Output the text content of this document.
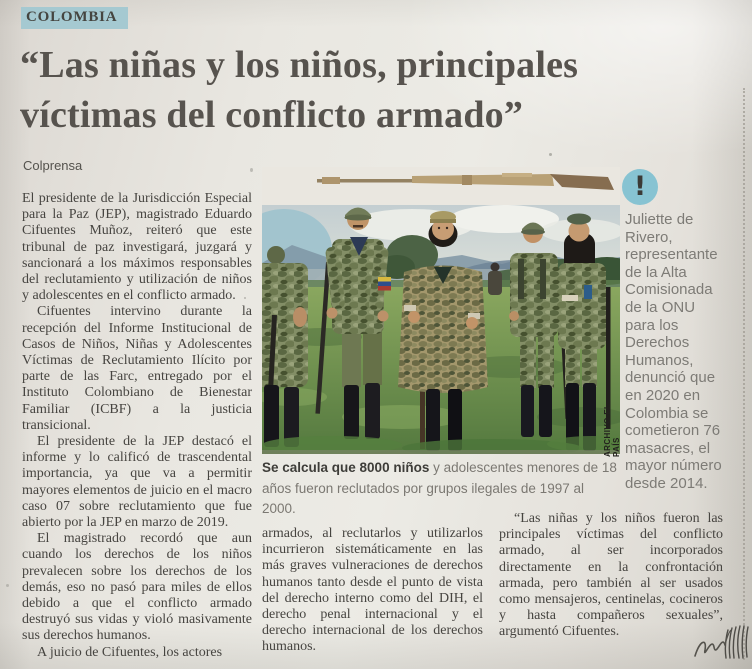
COLOMBIA
“Las niñas y los niños, principales
víctimas del conflicto armado”
Colprensa

El presidente de la Jurisdicción Especial para la Paz (JEP), magistrado Eduardo Cifuentes Muñoz, reiteró que este tribunal de paz investigará, juzgará y sancionará a los máximos responsables del reclutamiento y utilización de niños y adolescentes en el conflicto armado.

Cifuentes intervino durante la recepción del Informe Institucional de Casos de Niños, Niñas y Adolescentes Víctimas de Reclutamiento Ilícito por parte de las Farc, entregado por el Instituto Colombiano de Bienestar Familiar (ICBF) a la justicia transicional.

El presidente de la JEP destacó el informe y lo calificó de trascendental importancia, ya que va a permitir mayores elementos de juicio en el macro caso 07 sobre reclutamiento que fue abierto por la JEP en marzo de 2019.

El magistrado recordó que aun cuando los derechos de los niños prevalecen sobre los derechos de los demás, eso no pasó para miles de ellos debido a que el conflicto armado destruyó sus vidas y violó masivamente sus derechos humanos.

A juicio de Cifuentes, los actores

ARCHIVO EL PAÍS
Se calcula que 8000 niños y adolescentes menores de 18 años fueron reclutados por grupos ilegales de 1997 al 2000.

armados, al reclutarlos y utilizarlos incurrieron sistemáticamente en las más graves vulneraciones de derechos humanos tanto desde el punto de vista del derecho interno como del DIH, el derecho penal internacional y el derecho internacional de los derechos humanos.

“Las niñas y los niños fueron las principales víctimas del conflicto armado, al ser incorporados directamente en la confrontación armada, pero también al ser usados como mensajeros, centinelas, cocineros y hasta compañeros sexuales”, argumentó Cifuentes.

!
Juliette de Rivero, representante de la Alta Comisionada de la ONU para los Derechos Humanos, denunció que en 2020 en Colombia se cometieron 76 masacres, el mayor número desde 2014.
